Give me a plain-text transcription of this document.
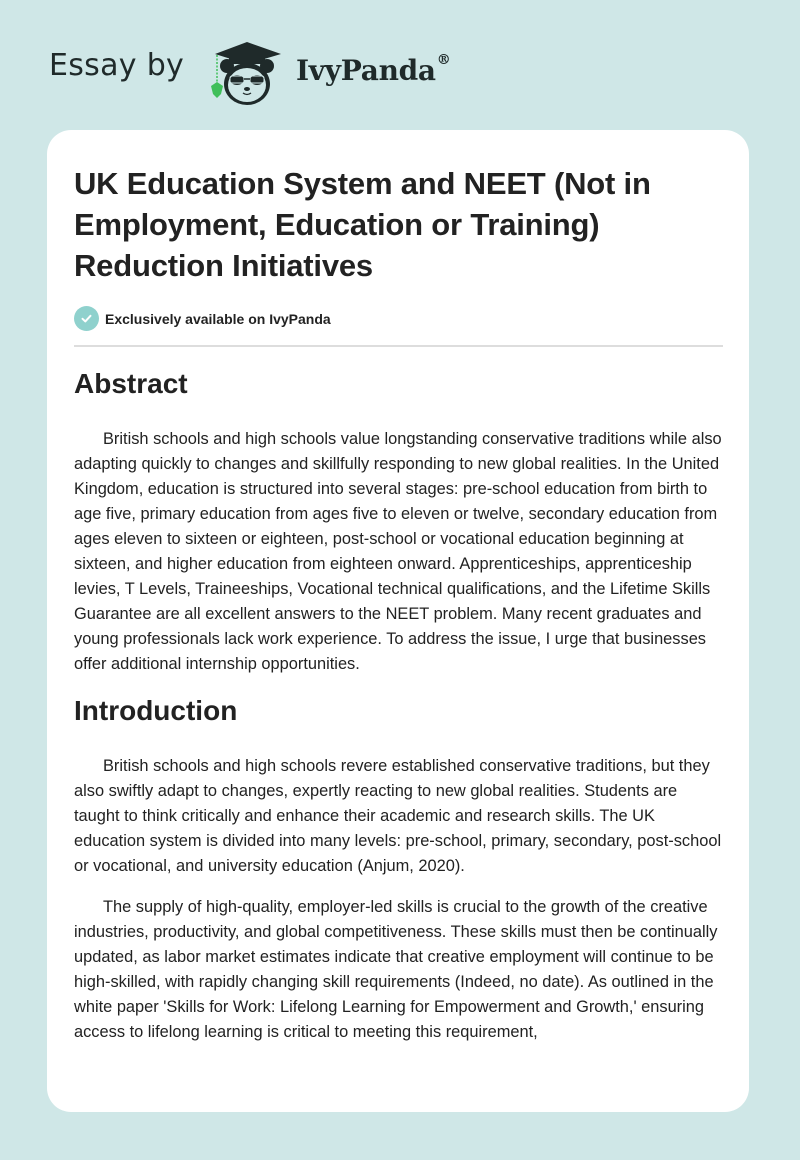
Essay by	IvyPanda®
UK Education System and NEET (Not in Employment, Education or Training) Reduction Initiatives
Exclusively available on IvyPanda
Abstract

British schools and high schools value longstanding conservative traditions while also adapting quickly to changes and skillfully responding to new global realities. In the United Kingdom, education is structured into several stages: pre-school education from birth to age five, primary education from ages five to eleven or twelve, secondary education from ages eleven to sixteen or eighteen, post-school or vocational education beginning at sixteen, and higher education from eighteen onward. Apprenticeships, apprenticeship levies, T Levels, Traineeships, Vocational technical qualifications, and the Lifetime Skills Guarantee are all excellent answers to the NEET problem. Many recent graduates and young professionals lack work experience. To address the issue, I urge that businesses offer additional internship opportunities.

Introduction

British schools and high schools revere established conservative traditions, but they also swiftly adapt to changes, expertly reacting to new global realities. Students are taught to think critically and enhance their academic and research skills. The UK education system is divided into many levels: pre-school, primary, secondary, post-school or vocational, and university education (Anjum, 2020).

The supply of high-quality, employer-led skills is crucial to the growth of the creative industries, productivity, and global competitiveness. These skills must then be continually updated, as labor market estimates indicate that creative employment will continue to be high-skilled, with rapidly changing skill requirements (Indeed, no date). As outlined in the white paper 'Skills for Work: Lifelong Learning for Empowerment and Growth,' ensuring access to lifelong learning is critical to meeting this requirement,
